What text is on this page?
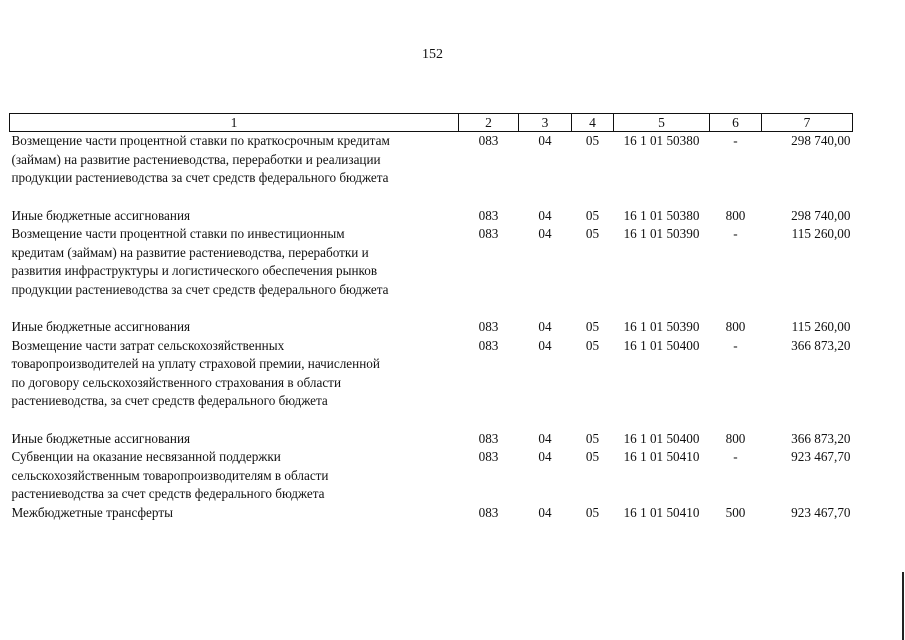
152
1	2	3	4	5	6	7

Возмещение части процентной ставки по краткосрочным кредитам
(займам) на развитие растениеводства, переработки и реализации
продукции растениеводства за счет средств федерального бюджета	083	04	05	16 1 01 50380	-	298 740,00

Иные бюджетные ассигнования	083	04	05	16 1 01 50380	800	298 740,00

Возмещение части процентной ставки по инвестиционным
кредитам (займам) на развитие растениеводства, переработки и
развития инфраструктуры и логистического обеспечения рынков
продукции растениеводства за счет средств федерального бюджета	083	04	05	16 1 01 50390	-	115 260,00

Иные бюджетные ассигнования	083	04	05	16 1 01 50390	800	115 260,00

Возмещение части затрат сельскохозяйственных
товаропроизводителей на уплату страховой премии, начисленной
по договору сельскохозяйственного страхования в области
растениеводства, за счет средств федерального бюджета	083	04	05	16 1 01 50400	-	366 873,20

Иные бюджетные ассигнования	083	04	05	16 1 01 50400	800	366 873,20

Субвенции на оказание несвязанной поддержки
сельскохозяйственным товаропроизводителям в области
растениеводства за счет средств федерального бюджета	083	04	05	16 1 01 50410	-	923 467,70

Межбюджетные трансферты	083	04	05	16 1 01 50410	500	923 467,70
